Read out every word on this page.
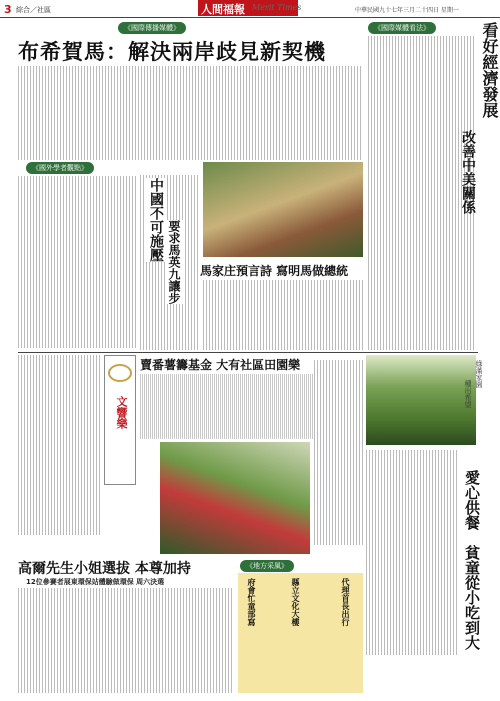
3 綜合／社區	人間福報 Merit Times	中華民國九十七年三月二十四日 星期一
《國際傳播媒體》
布希賀馬：解決兩岸歧見新契機
《國際媒體看法》	看好經濟發展
改善中美關係
《國外學者觀點》
中國不可施壓 要求馬英九讓步 馬家庄預言詩 寫明馬做總統
文響樂
賣番薯籌基金 大有社區田園樂	綠滿家園
種出希望
愛心供餐
貧童從小吃到大
高爾先生小姐選拔 本尊加持
12位參賽者展東環保站體驗做環保 周六決選
《地方采風》
府會忙童部寫	縣立文化大樓	代理首長出行
